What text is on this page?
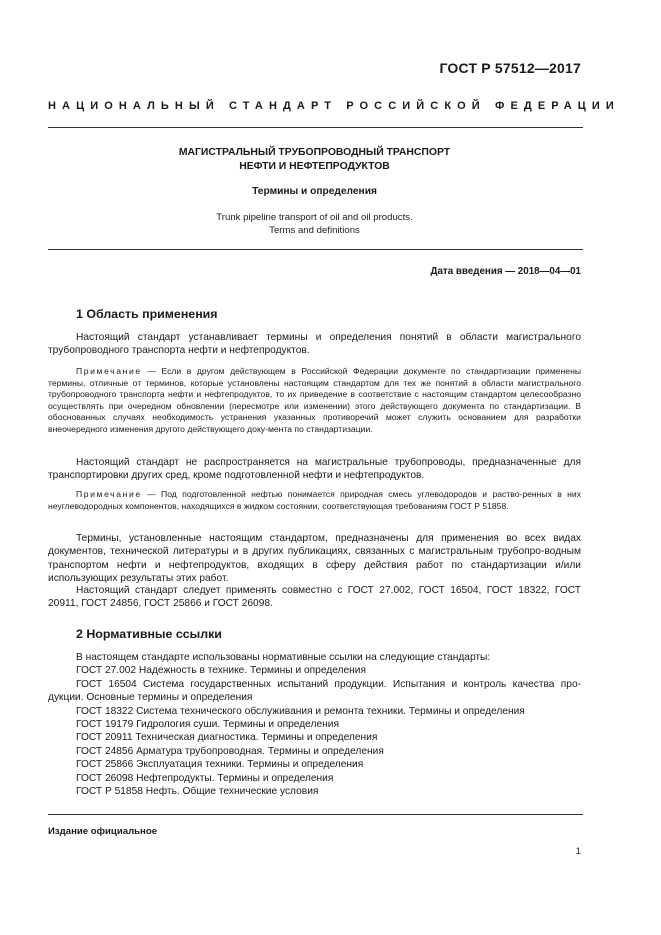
ГОСТ Р 57512—2017
НАЦИОНАЛЬНЫЙ СТАНДАРТ РОССИЙСКОЙ ФЕДЕРАЦИИ
МАГИСТРАЛЬНЫЙ ТРУБОПРОВОДНЫЙ ТРАНСПОРТ
НЕФТИ И НЕФТЕПРОДУКТОВ
Термины и определения
Trunk pipeline transport of oil and oil products.
Terms and definitions
Дата введения — 2018—04—01
1 Область применения
Настоящий стандарт устанавливает термины и определения понятий в области магистрального трубопроводного транспорта нефти и нефтепродуктов.
Примечание — Если в другом действующем в Российской Федерации документе по стандартизации применены термины, отличные от терминов, которые установлены настоящим стандартом для тех же понятий в области магистрального трубопроводного транспорта нефти и нефтепродуктов, то их приведение в соответствие с настоящим стандартом целесообразно осуществлять при очередном обновлении (пересмотре или изменении) этого действующего документа по стандартизации. В обоснованных случаях необходимость устранения указанных противоречий может служить основанием для разработки внеочередного изменения другого действующего доку-мента по стандартизации.
Настоящий стандарт не распространяется на магистральные трубопроводы, предназначенные для транспортировки других сред, кроме подготовленной нефти и нефтепродуктов.
Примечание — Под подготовленной нефтью понимается природная смесь углеводородов и раство-ренных в них неуглеводородных компонентов, находящихся в жидком состоянии, соответствующая требованиям ГОСТ Р 51858.
Термины, установленные настоящим стандартом, предназначены для применения во всех видах документов, технической литературы и в других публикациях, связанных с магистральным трубопро-водным транспортом нефти и нефтепродуктов, входящих в сферу действия работ по стандартизации и/или использующих результаты этих работ.
Настоящий стандарт следует применять совместно с ГОСТ 27.002, ГОСТ 16504, ГОСТ 18322, ГОСТ 20911, ГОСТ 24856, ГОСТ 25866 и ГОСТ 26098.
2 Нормативные ссылки
В настоящем стандарте использованы нормативные ссылки на следующие стандарты:
ГОСТ 27.002 Надежность в технике. Термины и определения
ГОСТ 16504 Система государственных испытаний продукции. Испытания и контроль качества про-дукции. Основные термины и определения
ГОСТ 18322 Система технического обслуживания и ремонта техники. Термины и определения
ГОСТ 19179 Гидрология суши. Термины и определения
ГОСТ 20911 Техническая диагностика. Термины и определения
ГОСТ 24856 Арматура трубопроводная. Термины и определения
ГОСТ 25866 Эксплуатация техники. Термины и определения
ГОСТ 26098 Нефтепродукты. Термины и определения
ГОСТ Р 51858 Нефть. Общие технические условия
Издание официальное
1
